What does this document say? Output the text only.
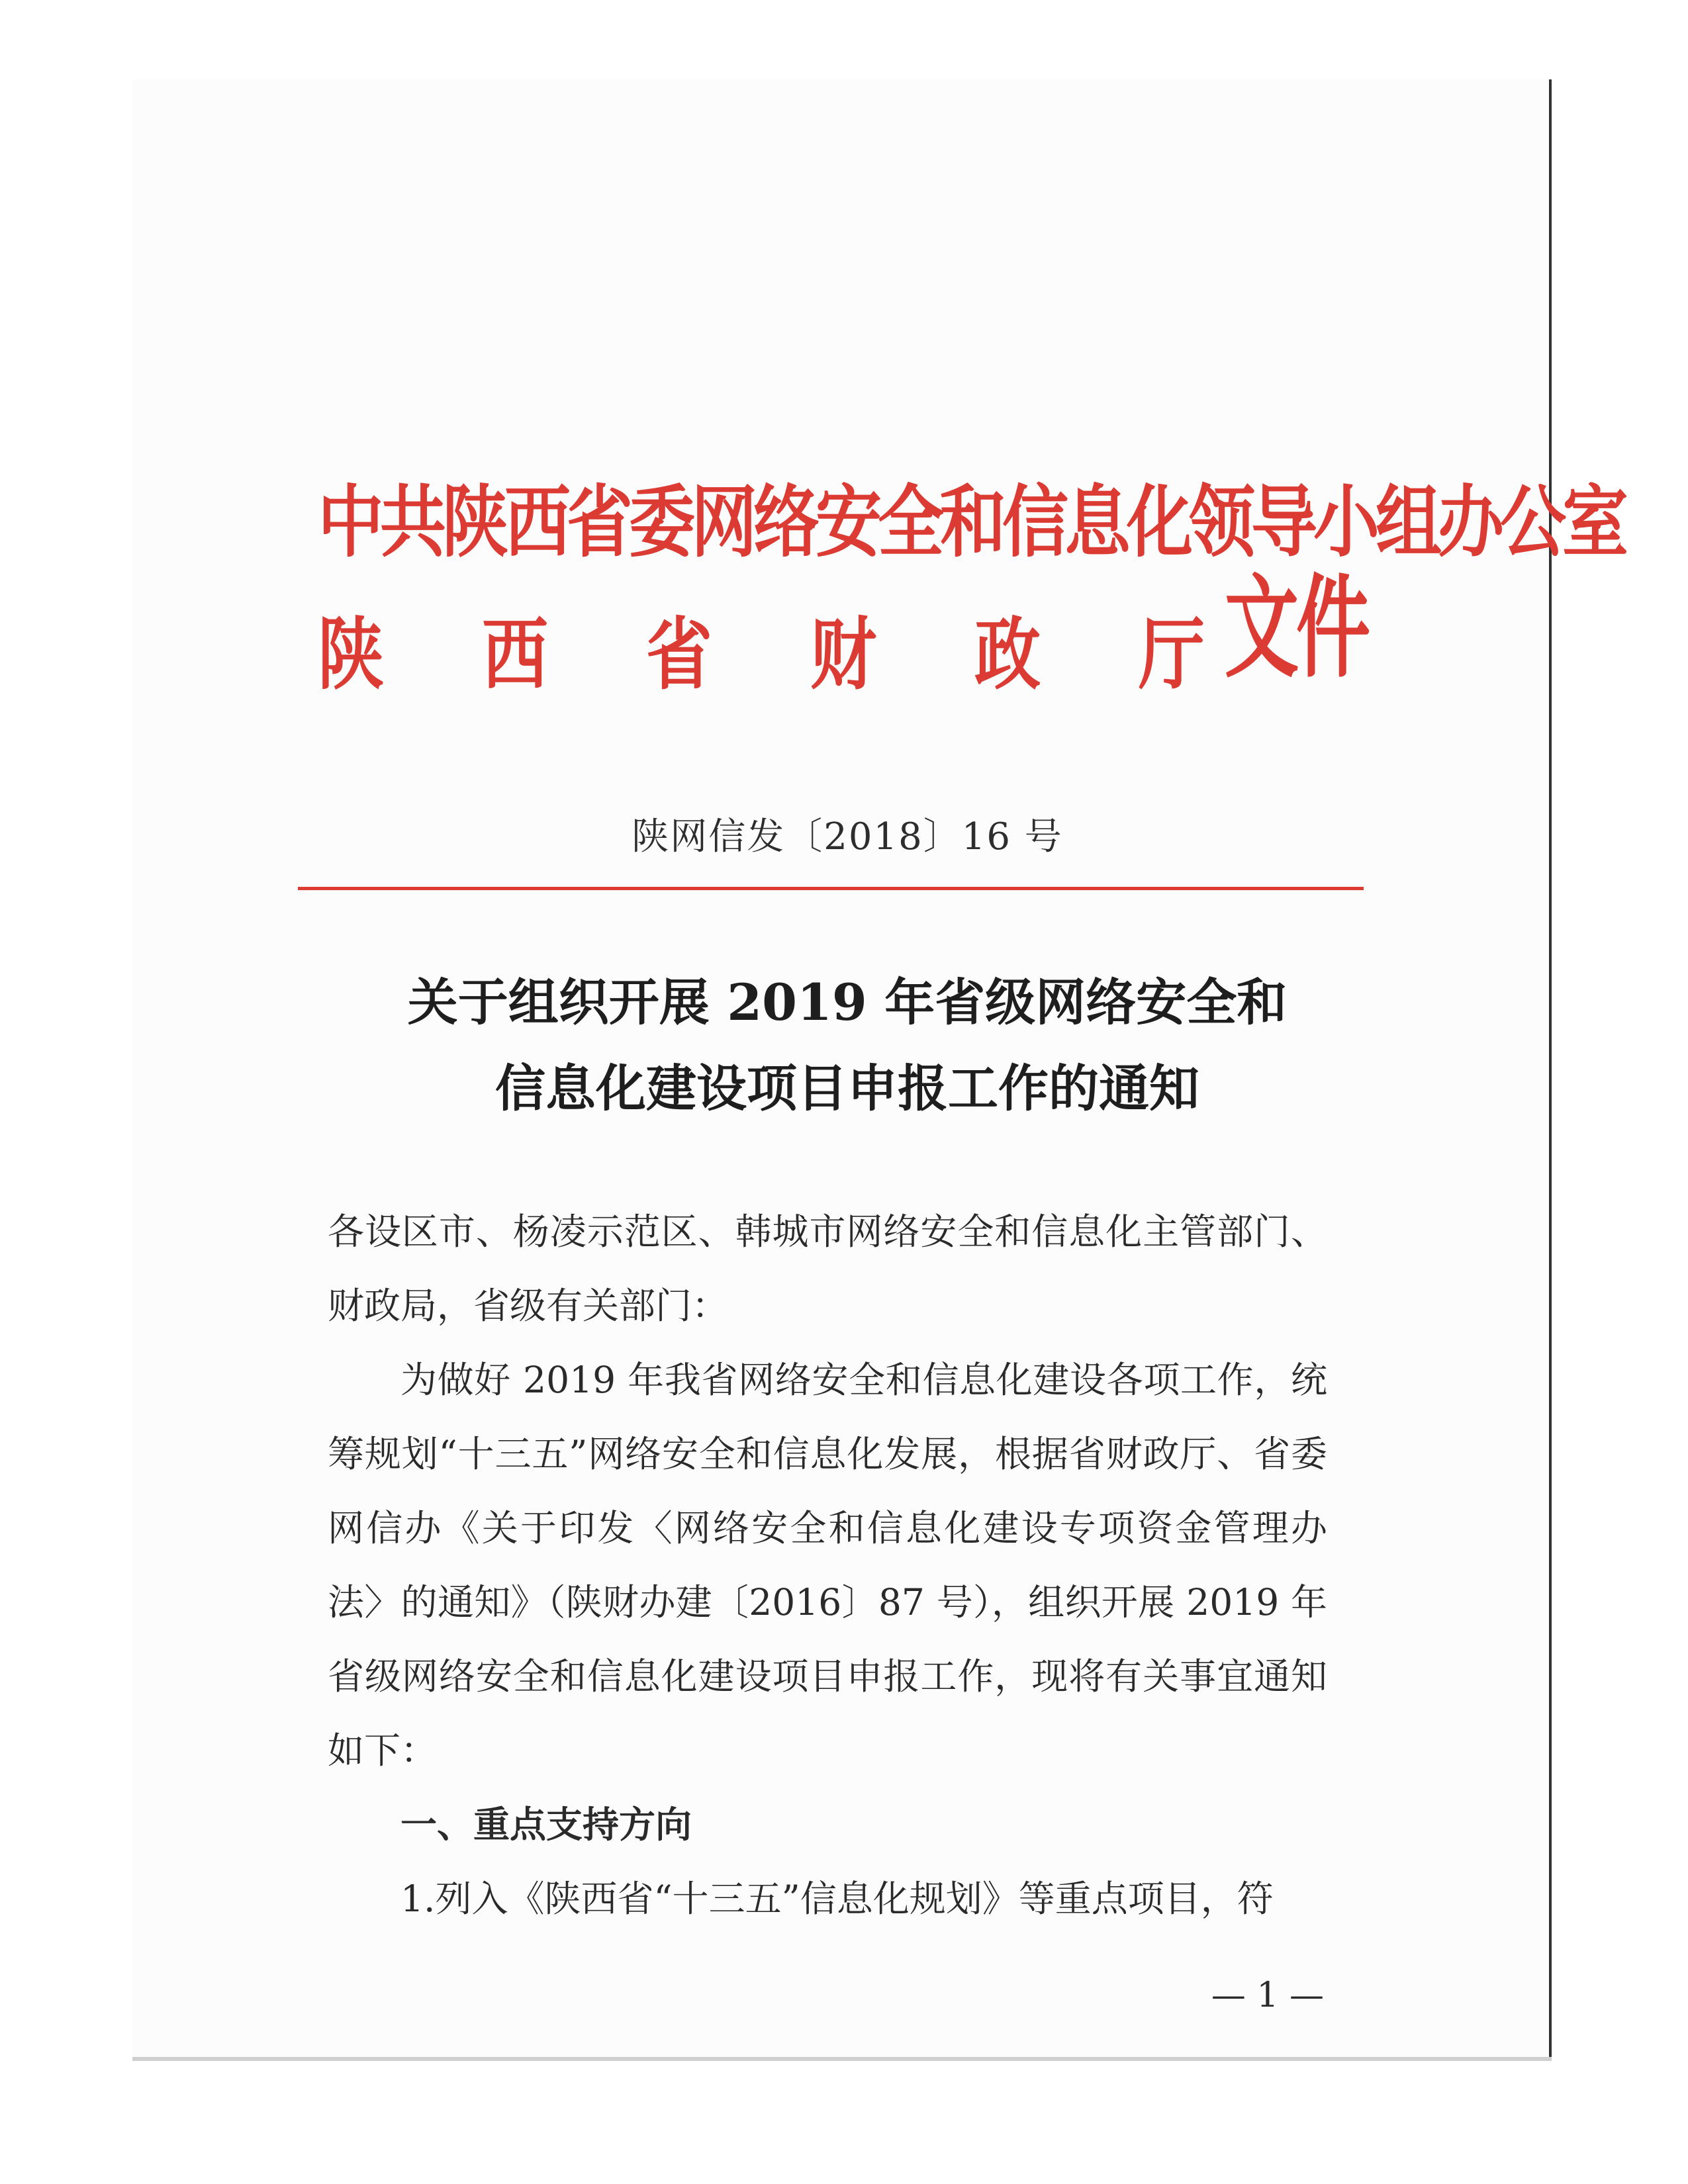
中共陕西省委网络安全和信息化领导小组办公室
陕 西 省 财 政 厅 文件
陕网信发〔2018〕16 号
关于组织开展 2019 年省级网络安全和
信息化建设项目申报工作的通知

各设区市、杨凌示范区、韩城市网络安全和信息化主管部门、财政局，省级有关部门：

为做好 2019 年我省网络安全和信息化建设各项工作，统筹规划“十三五”网络安全和信息化发展，根据省财政厅、省委网信办《关于印发〈网络安全和信息化建设专项资金管理办法〉的通知》（陕财办建〔2016〕87 号），组织开展 2019 年省级网络安全和信息化建设项目申报工作，现将有关事宜通知如下：

一、重点支持方向

1.列入《陕西省“十三五”信息化规划》等重点项目，符

— 1 —
